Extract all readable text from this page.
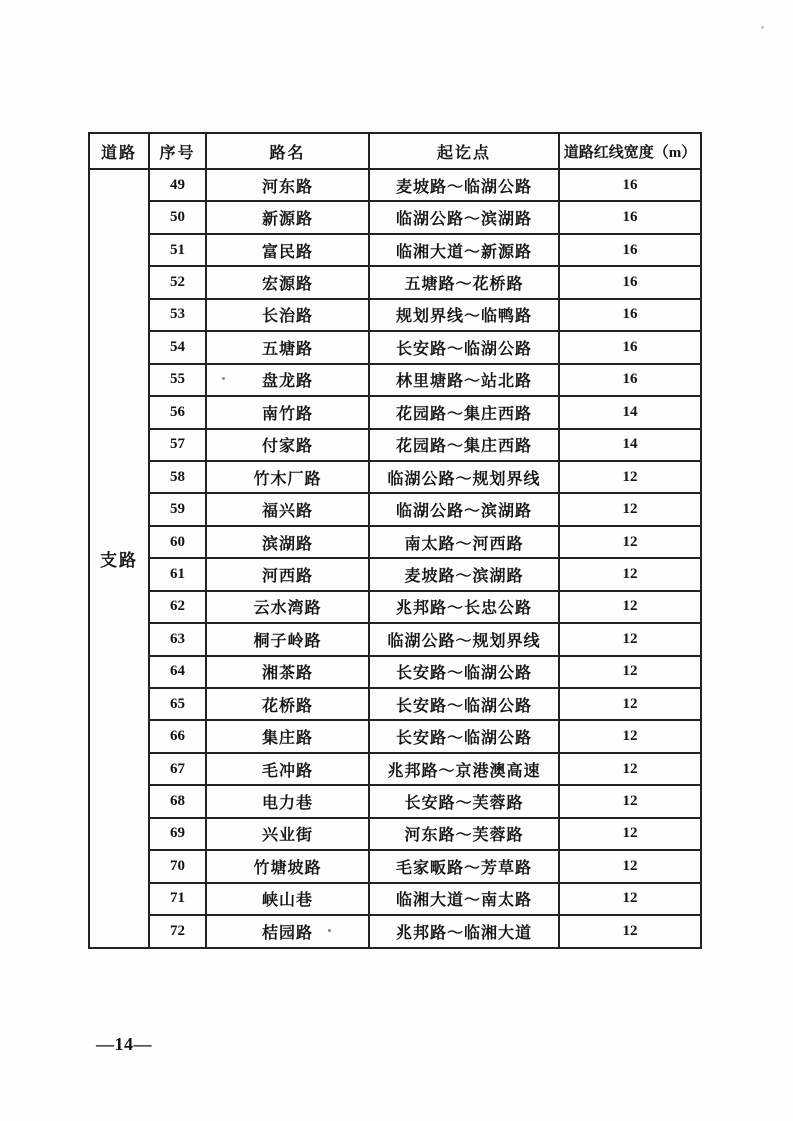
道路	序号	路名	起讫点	道路红线宽度（m）
支路	49	河东路	麦坡路～临湖公路	16
	50	新源路	临湖公路～滨湖路	16
	51	富民路	临湘大道～新源路	16
	52	宏源路	五塘路～花桥路	16
	53	长治路	规划界线～临鸭路	16
	54	五塘路	长安路～临湖公路	16
	55	盘龙路	林里塘路～站北路	16
	56	南竹路	花园路～集庄西路	14
	57	付家路	花园路～集庄西路	14
	58	竹木厂路	临湖公路～规划界线	12
	59	福兴路	临湖公路～滨湖路	12
	60	滨湖路	南太路～河西路	12
	61	河西路	麦坡路～滨湖路	12
	62	云水湾路	兆邦路～长忠公路	12
	63	桐子岭路	临湖公路～规划界线	12
	64	湘茶路	长安路～临湖公路	12
	65	花桥路	长安路～临湖公路	12
	66	集庄路	长安路～临湖公路	12
	67	毛冲路	兆邦路～京港澳高速	12
	68	电力巷	长安路～芙蓉路	12
	69	兴业街	河东路～芙蓉路	12
	70	竹塘坡路	毛家畈路～芳草路	12
	71	峡山巷	临湘大道～南太路	12
	72	桔园路	兆邦路～临湘大道	12
—14—
